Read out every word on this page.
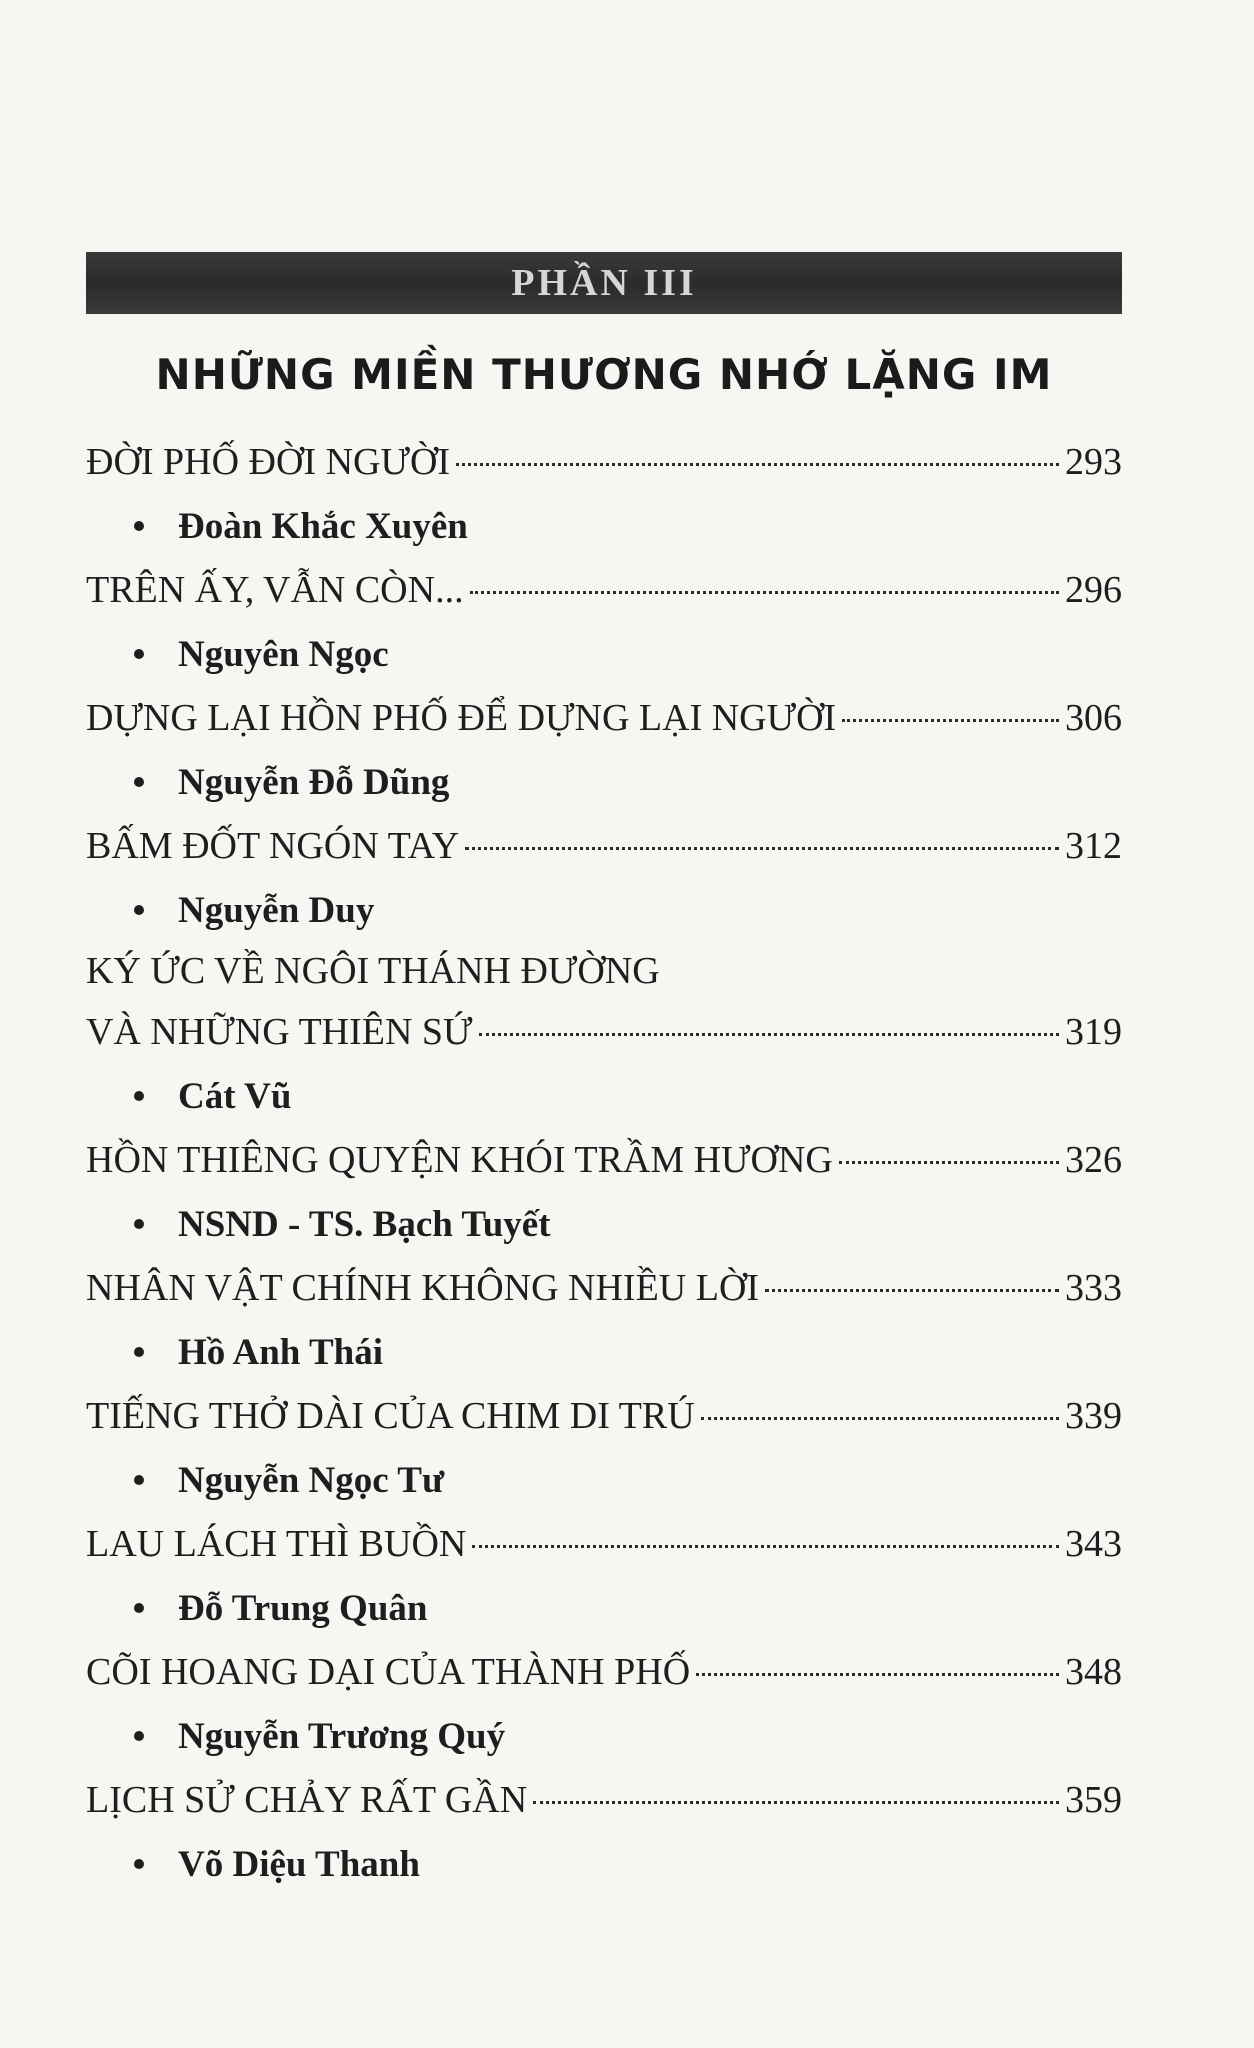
PHẦN III
NHỮNG MIỀN THƯƠNG NHỚ LẶNG IM
ĐỜI PHỐ ĐỜI NGƯỜI	293
Đoàn Khắc Xuyên
TRÊN ẤY, VẪN CÒN...	296
Nguyên Ngọc
DỰNG LẠI HỒN PHỐ ĐỂ DỰNG LẠI NGƯỜI	306
Nguyễn Đỗ Dũng
BẤM ĐỐT NGÓN TAY	312
Nguyễn Duy
KÝ ỨC VỀ NGÔI THÁNH ĐƯỜNG
VÀ NHỮNG THIÊN SỨ	319
Cát Vũ
HỒN THIÊNG QUYỆN KHÓI TRẦM HƯƠNG	326
NSND - TS. Bạch Tuyết
NHÂN VẬT CHÍNH KHÔNG NHIỀU LỜI	333
Hồ Anh Thái
TIẾNG THỞ DÀI CỦA CHIM DI TRÚ	339
Nguyễn Ngọc Tư
LAU LÁCH THÌ BUỒN	343
Đỗ Trung Quân
CÕI HOANG DẠI CỦA THÀNH PHỐ	348
Nguyễn Trương Quý
LỊCH SỬ CHẢY RẤT GẦN	359
Võ Diệu Thanh
